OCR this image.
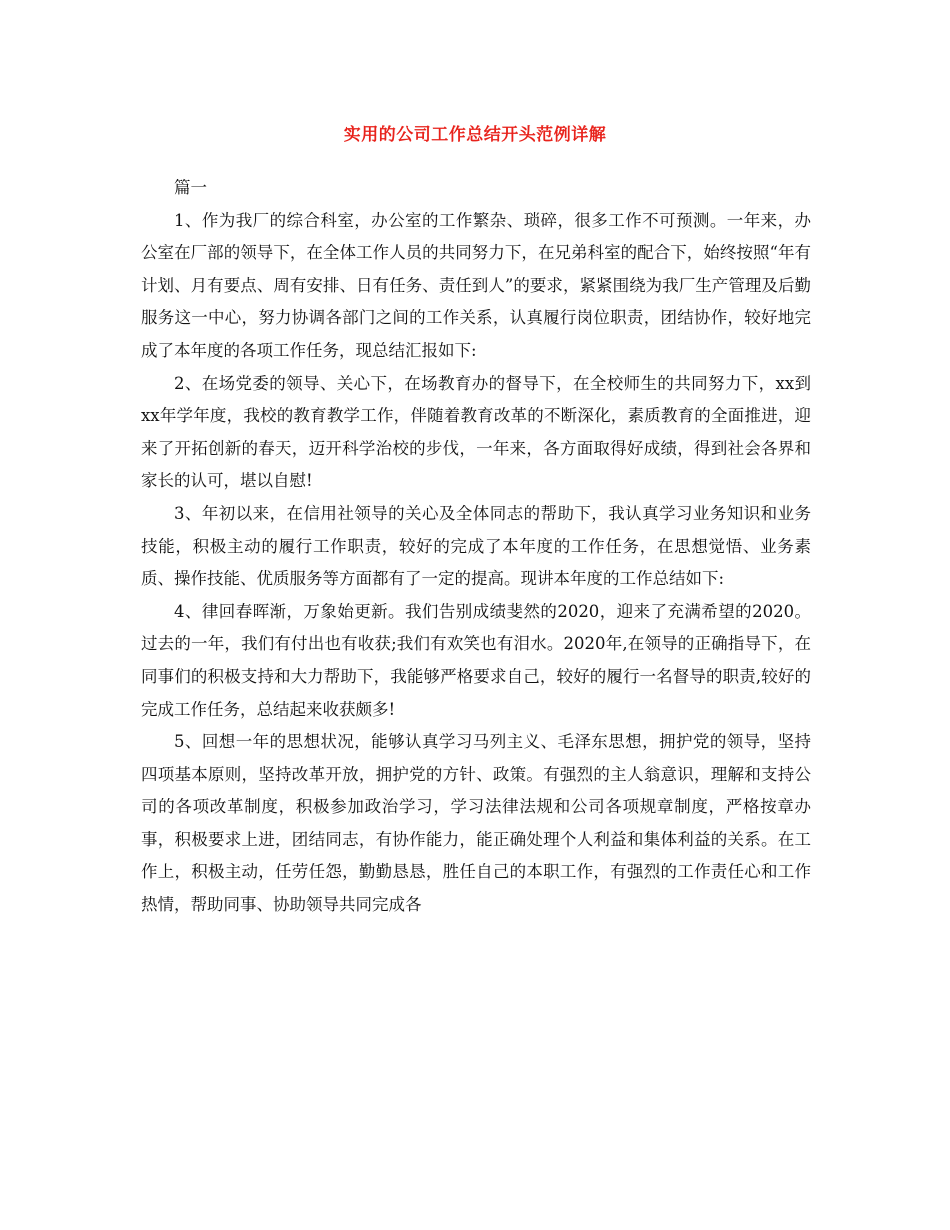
实用的公司工作总结开头范例详解

篇一

1、作为我厂的综合科室，办公室的工作繁杂、琐碎，很多工作不可预测。一年来，办公室在厂部的领导下，在全体工作人员的共同努力下，在兄弟科室的配合下，始终按照“年有计划、月有要点、周有安排、日有任务、责任到人”的要求，紧紧围绕为我厂生产管理及后勤服务这一中心，努力协调各部门之间的工作关系，认真履行岗位职责，团结协作，较好地完成了本年度的各项工作任务，现总结汇报如下:

2、在场党委的领导、关心下，在场教育办的督导下，在全校师生的共同努力下，xx到xx年学年度，我校的教育教学工作，伴随着教育改革的不断深化，素质教育的全面推进，迎来了开拓创新的春天，迈开科学治校的步伐，一年来，各方面取得好成绩，得到社会各界和家长的认可，堪以自慰!

3、年初以来，在信用社领导的关心及全体同志的帮助下，我认真学习业务知识和业务技能，积极主动的履行工作职责，较好的完成了本年度的工作任务，在思想觉悟、业务素质、操作技能、优质服务等方面都有了一定的提高。现讲本年度的工作总结如下:

4、律回春晖渐，万象始更新。我们告别成绩斐然的2020，迎来了充满希望的2020。过去的一年，我们有付出也有收获;我们有欢笑也有泪水。2020年,在领导的正确指导下，在同事们的积极支持和大力帮助下，我能够严格要求自己，较好的履行一名督导的职责,较好的完成工作任务，总结起来收获颇多!

5、回想一年的思想状况，能够认真学习马列主义、毛泽东思想，拥护党的领导，坚持四项基本原则，坚持改革开放，拥护党的方针、政策。有强烈的主人翁意识，理解和支持公司的各项改革制度，积极参加政治学习，学习法律法规和公司各项规章制度，严格按章办事，积极要求上进，团结同志，有协作能力，能正确处理个人利益和集体利益的关系。在工作上，积极主动，任劳任怨，勤勤恳恳，胜任自己的本职工作，有强烈的工作责任心和工作热情，帮助同事、协助领导共同完成各
